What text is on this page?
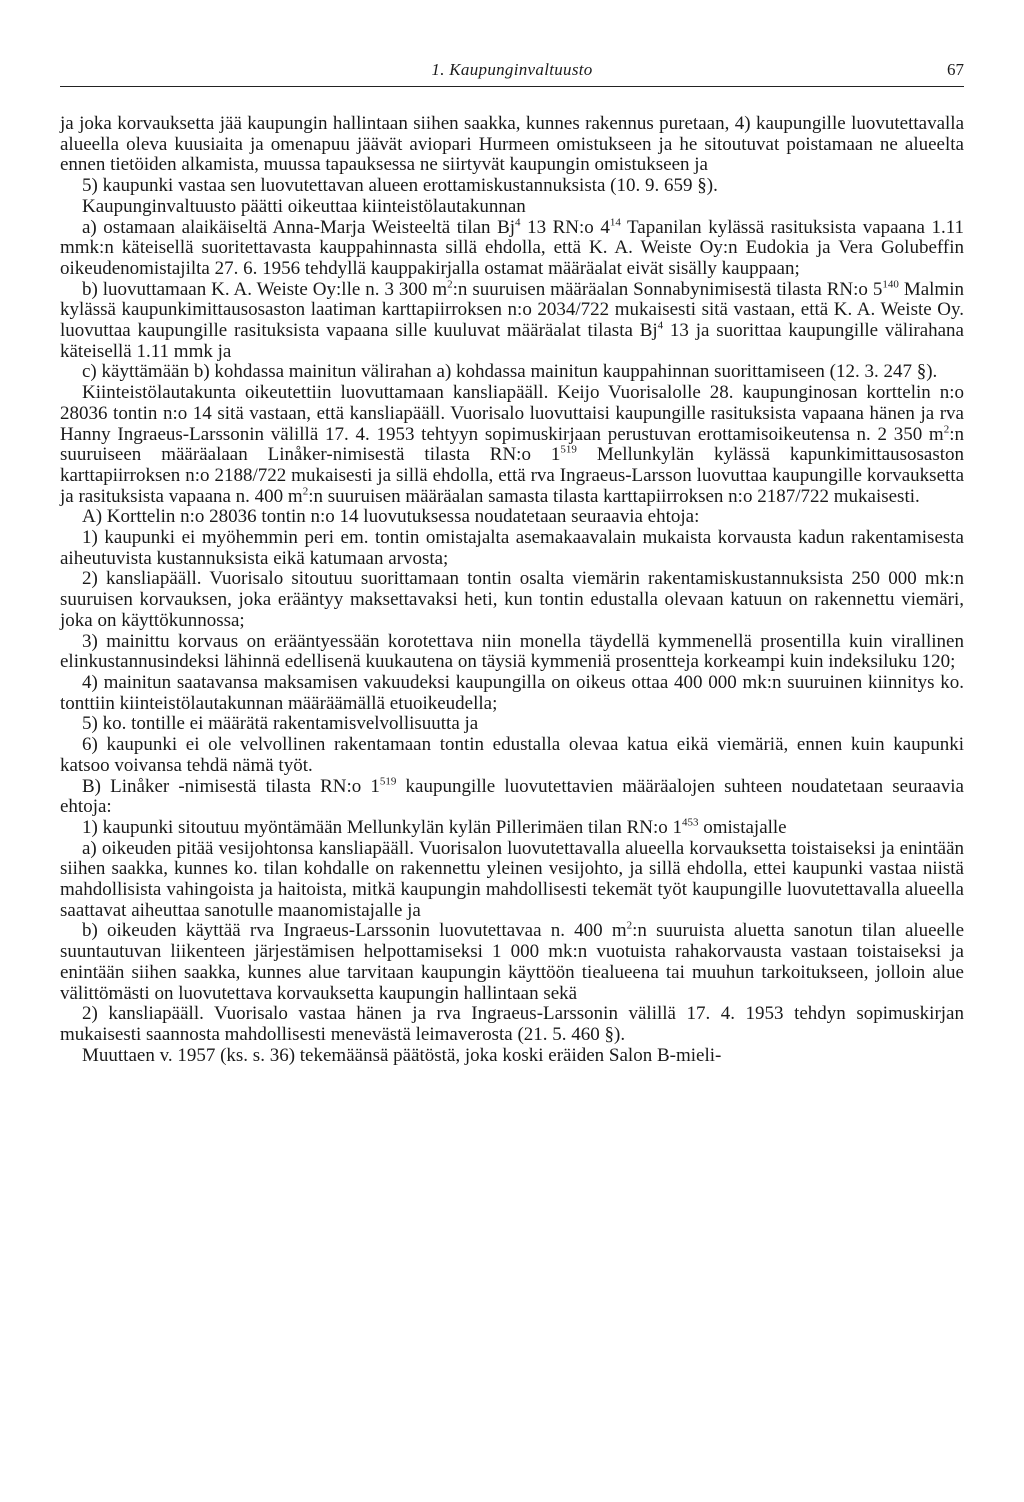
1. Kaupunginvaltuusto	67

ja joka korvauksetta jää kaupungin hallintaan siihen saakka, kunnes rakennus puretaan, 4) kaupungille luovutettavalla alueella oleva kuusiaita ja omenapuu jäävät aviopari Hurmeen omistukseen ja he sitoutuvat poistamaan ne alueelta ennen tietöiden alkamista, muussa tapauksessa ne siirtyvät kaupungin omistukseen ja

5) kaupunki vastaa sen luovutettavan alueen erottamiskustannuksista (10. 9. 659 §).

Kaupunginvaltuusto päätti oikeuttaa kiinteistölautakunnan

a) ostamaan alaikäiseltä Anna-Marja Weisteeltä tilan Bj$^4$ 13 RN:o $4^{14}$ Tapanilan kylässä rasituksista vapaana 1.11 mmk:n käteisellä suoritettavasta kauppahinnasta sillä ehdolla, että K. A. Weiste Oy:n Eudokia ja Vera Golubeffin oikeudenomistajilta 27. 6. 1956 tehdyllä kauppakirjalla ostamat määräalat eivät sisälly kauppaan;

b) luovuttamaan K. A. Weiste Oy:lle n. 3 300 $m^2:n$ suuruisen määräalan Sonnabynimisestä tilasta RN:o $5^{140}$ Malmin kylässä kaupunkimittausosaston laatiman karttapiirroksen n:o 2034/722 mukaisesti sitä vastaan, että K. A. Weiste Oy. luovuttaa kaupungille rasituksista vapaana sille kuuluvat määräalat tilasta Bj$^4$ 13 ja suorittaa kaupungille välirahana käteisellä 1.11 mmk ja

c) käyttämään b) kohdassa mainitun välirahan a) kohdassa mainitun kauppahinnan suorittamiseen (12. 3. 247 §).

Kiinteistölautakunta oikeutettiin luovuttamaan kansliapääll. Keijo Vuorisalolle 28. kaupunginosan korttelin n:o 28036 tontin n:o 14 sitä vastaan, että kansliapääll. Vuorisalo luovuttaisi kaupungille rasituksista vapaana hänen ja rva Hanny Ingraeus-Larssonin välillä 17. 4. 1953 tehtyyn sopimuskirjaan perustuvan erottamisoikeutensa n. 2 350 $m^2:n$ suuruiseen määräalaan Linåker-nimisestä tilasta RN:o $1^{519}$ Mellunkylän kylässä kapunkimittausosaston karttapiirroksen n:o 2188/722 mukaisesti ja sillä ehdolla, että rva Ingraeus-Larsson luovuttaa kaupungille korvauksetta ja rasituksista vapaana n. 400 $m^2:n$ suuruisen määräalan samasta tilasta karttapiirroksen n:o 2187/722 mukaisesti.

A) Korttelin n:o 28036 tontin n:o 14 luovutuksessa noudatetaan seuraavia ehtoja:

1) kaupunki ei myöhemmin peri em. tontin omistajalta asemakaavalain mukaista korvausta kadun rakentamisesta aiheutuvista kustannuksista eikä katumaan arvosta;

2) kansliapääll. Vuorisalo sitoutuu suorittamaan tontin osalta viemärin rakentamiskustannuksista 250 000 mk:n suuruisen korvauksen, joka erääntyy maksettavaksi heti, kun tontin edustalla olevaan katuun on rakennettu viemäri, joka on käyttökunnossa;

3) mainittu korvaus on erääntyessään korotettava niin monella täydellä kymmenellä prosentilla kuin virallinen elinkustannusindeksi lähinnä edellisenä kuukautena on täysiä kymmeniä prosentteja korkeampi kuin indeksiluku 120;

4) mainitun saatavansa maksamisen vakuudeksi kaupungilla on oikeus ottaa 400 000 mk:n suuruinen kiinnitys ko. tonttiin kiinteistölautakunnan määräämällä etuoikeudella;

5) ko. tontille ei määrätä rakentamisvelvollisuutta ja

6) kaupunki ei ole velvollinen rakentamaan tontin edustalla olevaa katua eikä viemäriä, ennen kuin kaupunki katsoo voivansa tehdä nämä työt.

B) Linåker -nimisestä tilasta RN:o $1^{519}$ kaupungille luovutettavien määräalojen suhteen noudatetaan seuraavia ehtoja:

1) kaupunki sitoutuu myöntämään Mellunkylän kylän Pillerimäen tilan RN:o $1^{453}$ omistajalle

a) oikeuden pitää vesijohtonsa kansliapääll. Vuorisalon luovutettavalla alueella korvauksetta toistaiseksi ja enintään siihen saakka, kunnes ko. tilan kohdalle on rakennettu yleinen vesijohto, ja sillä ehdolla, ettei kaupunki vastaa niistä mahdollisista vahingoista ja haitoista, mitkä kaupungin mahdollisesti tekemät työt kaupungille luovutettavalla alueella saattavat aiheuttaa sanotulle maanomistajalle ja

b) oikeuden käyttää rva Ingraeus-Larssonin luovutettavaa n. 400 $m^2:n$ suuruista aluetta sanotun tilan alueelle suuntautuvan liikenteen järjestämisen helpottamiseksi 1 000 mk:n vuotuista rahakorvausta vastaan toistaiseksi ja enintään siihen saakka, kunnes alue tarvitaan kaupungin käyttöön tiealueena tai muuhun tarkoitukseen, jolloin alue välittömästi on luovutettava korvauksetta kaupungin hallintaan sekä

2) kansliapääll. Vuorisalo vastaa hänen ja rva Ingraeus-Larssonin välillä 17. 4. 1953 tehdyn sopimuskirjan mukaisesti saannosta mahdollisesti menevästä leimaverosta (21. 5. 460 §).

Muuttaen v. 1957 (ks. s. 36) tekemäänsä päätöstä, joka koski eräiden Salon B-mieli-
